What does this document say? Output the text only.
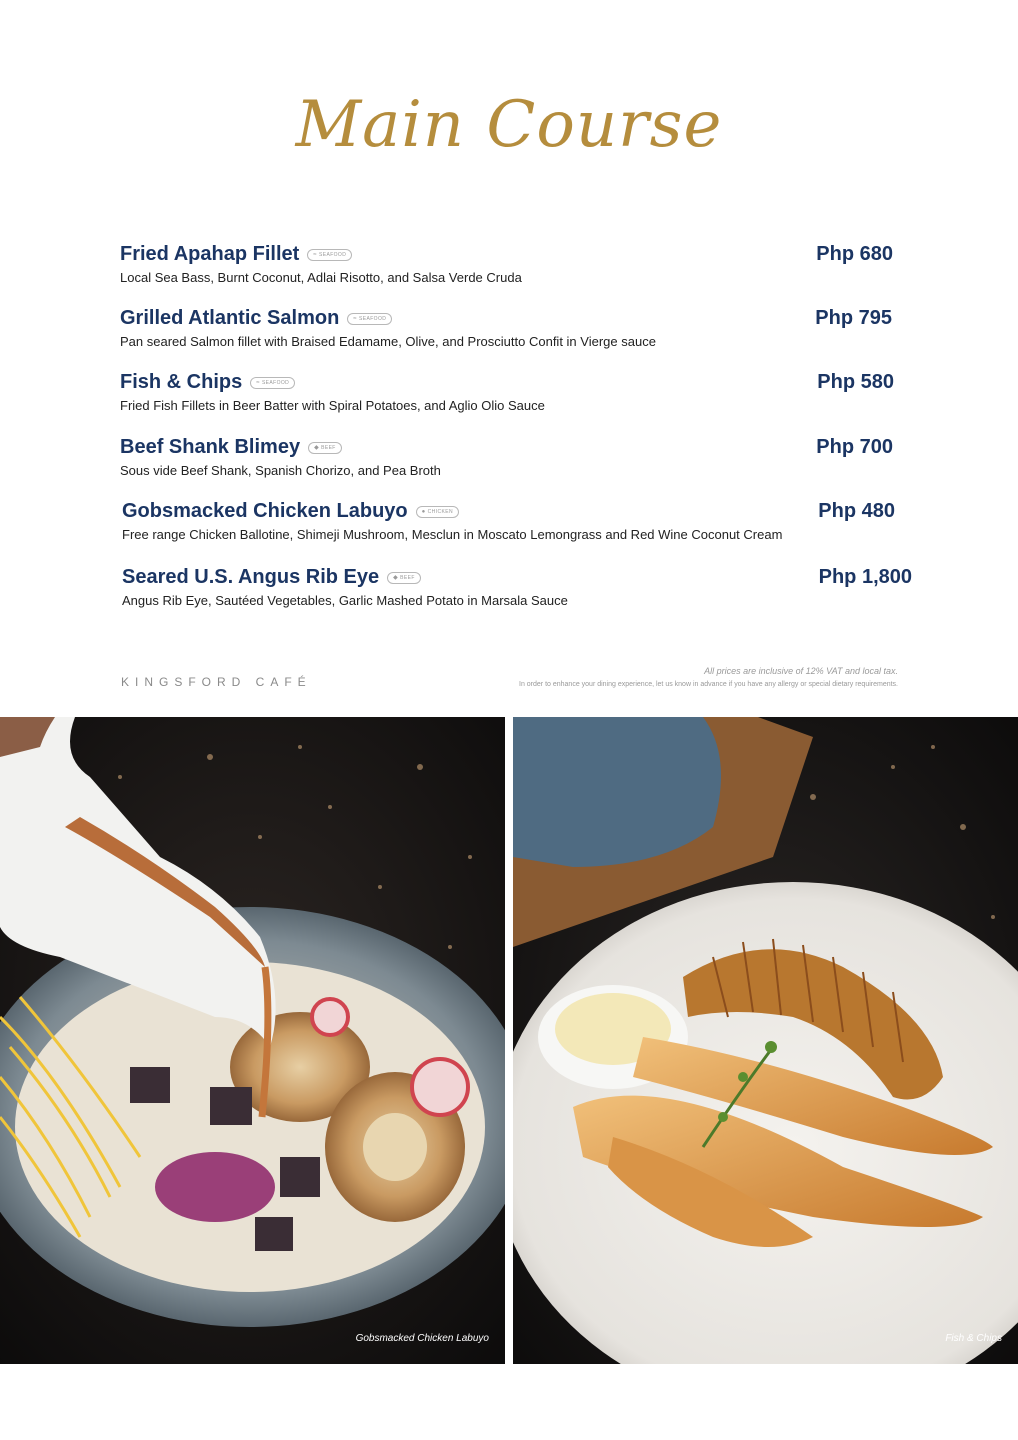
Main Course
Fried Apahap Fillet ≈ SEAFOOD
Local Sea Bass, Burnt Coconut, Adlai Risotto, and Salsa Verde Cruda
Php 680
Grilled Atlantic Salmon ≈ SEAFOOD
Pan seared Salmon fillet with Braised Edamame, Olive, and Prosciutto Confit in Vierge sauce
Php 795
Fish & Chips ≈ SEAFOOD
Fried Fish Fillets in Beer Batter with Spiral Potatoes, and Aglio Olio Sauce
Php 580
Beef Shank Blimey ◆ BEEF
Sous vide Beef Shank, Spanish Chorizo, and Pea Broth
Php 700
Gobsmacked Chicken Labuyo ● CHICKEN
Free range Chicken Ballotine, Shimeji Mushroom, Mesclun in Moscato Lemongrass and Red Wine Coconut Cream
Php 480
Seared U.S. Angus Rib Eye ◆ BEEF
Angus Rib Eye, Sautéed Vegetables, Garlic Mashed Potato in Marsala Sauce
Php 1,800
KINGSFORD CAFÉ
All prices are inclusive of 12% VAT and local tax.
In order to enhance your dining experience, let us know in advance if you have any allergy or special dietary requirements.
Gobsmacked Chicken Labuyo	Fish & Chips
